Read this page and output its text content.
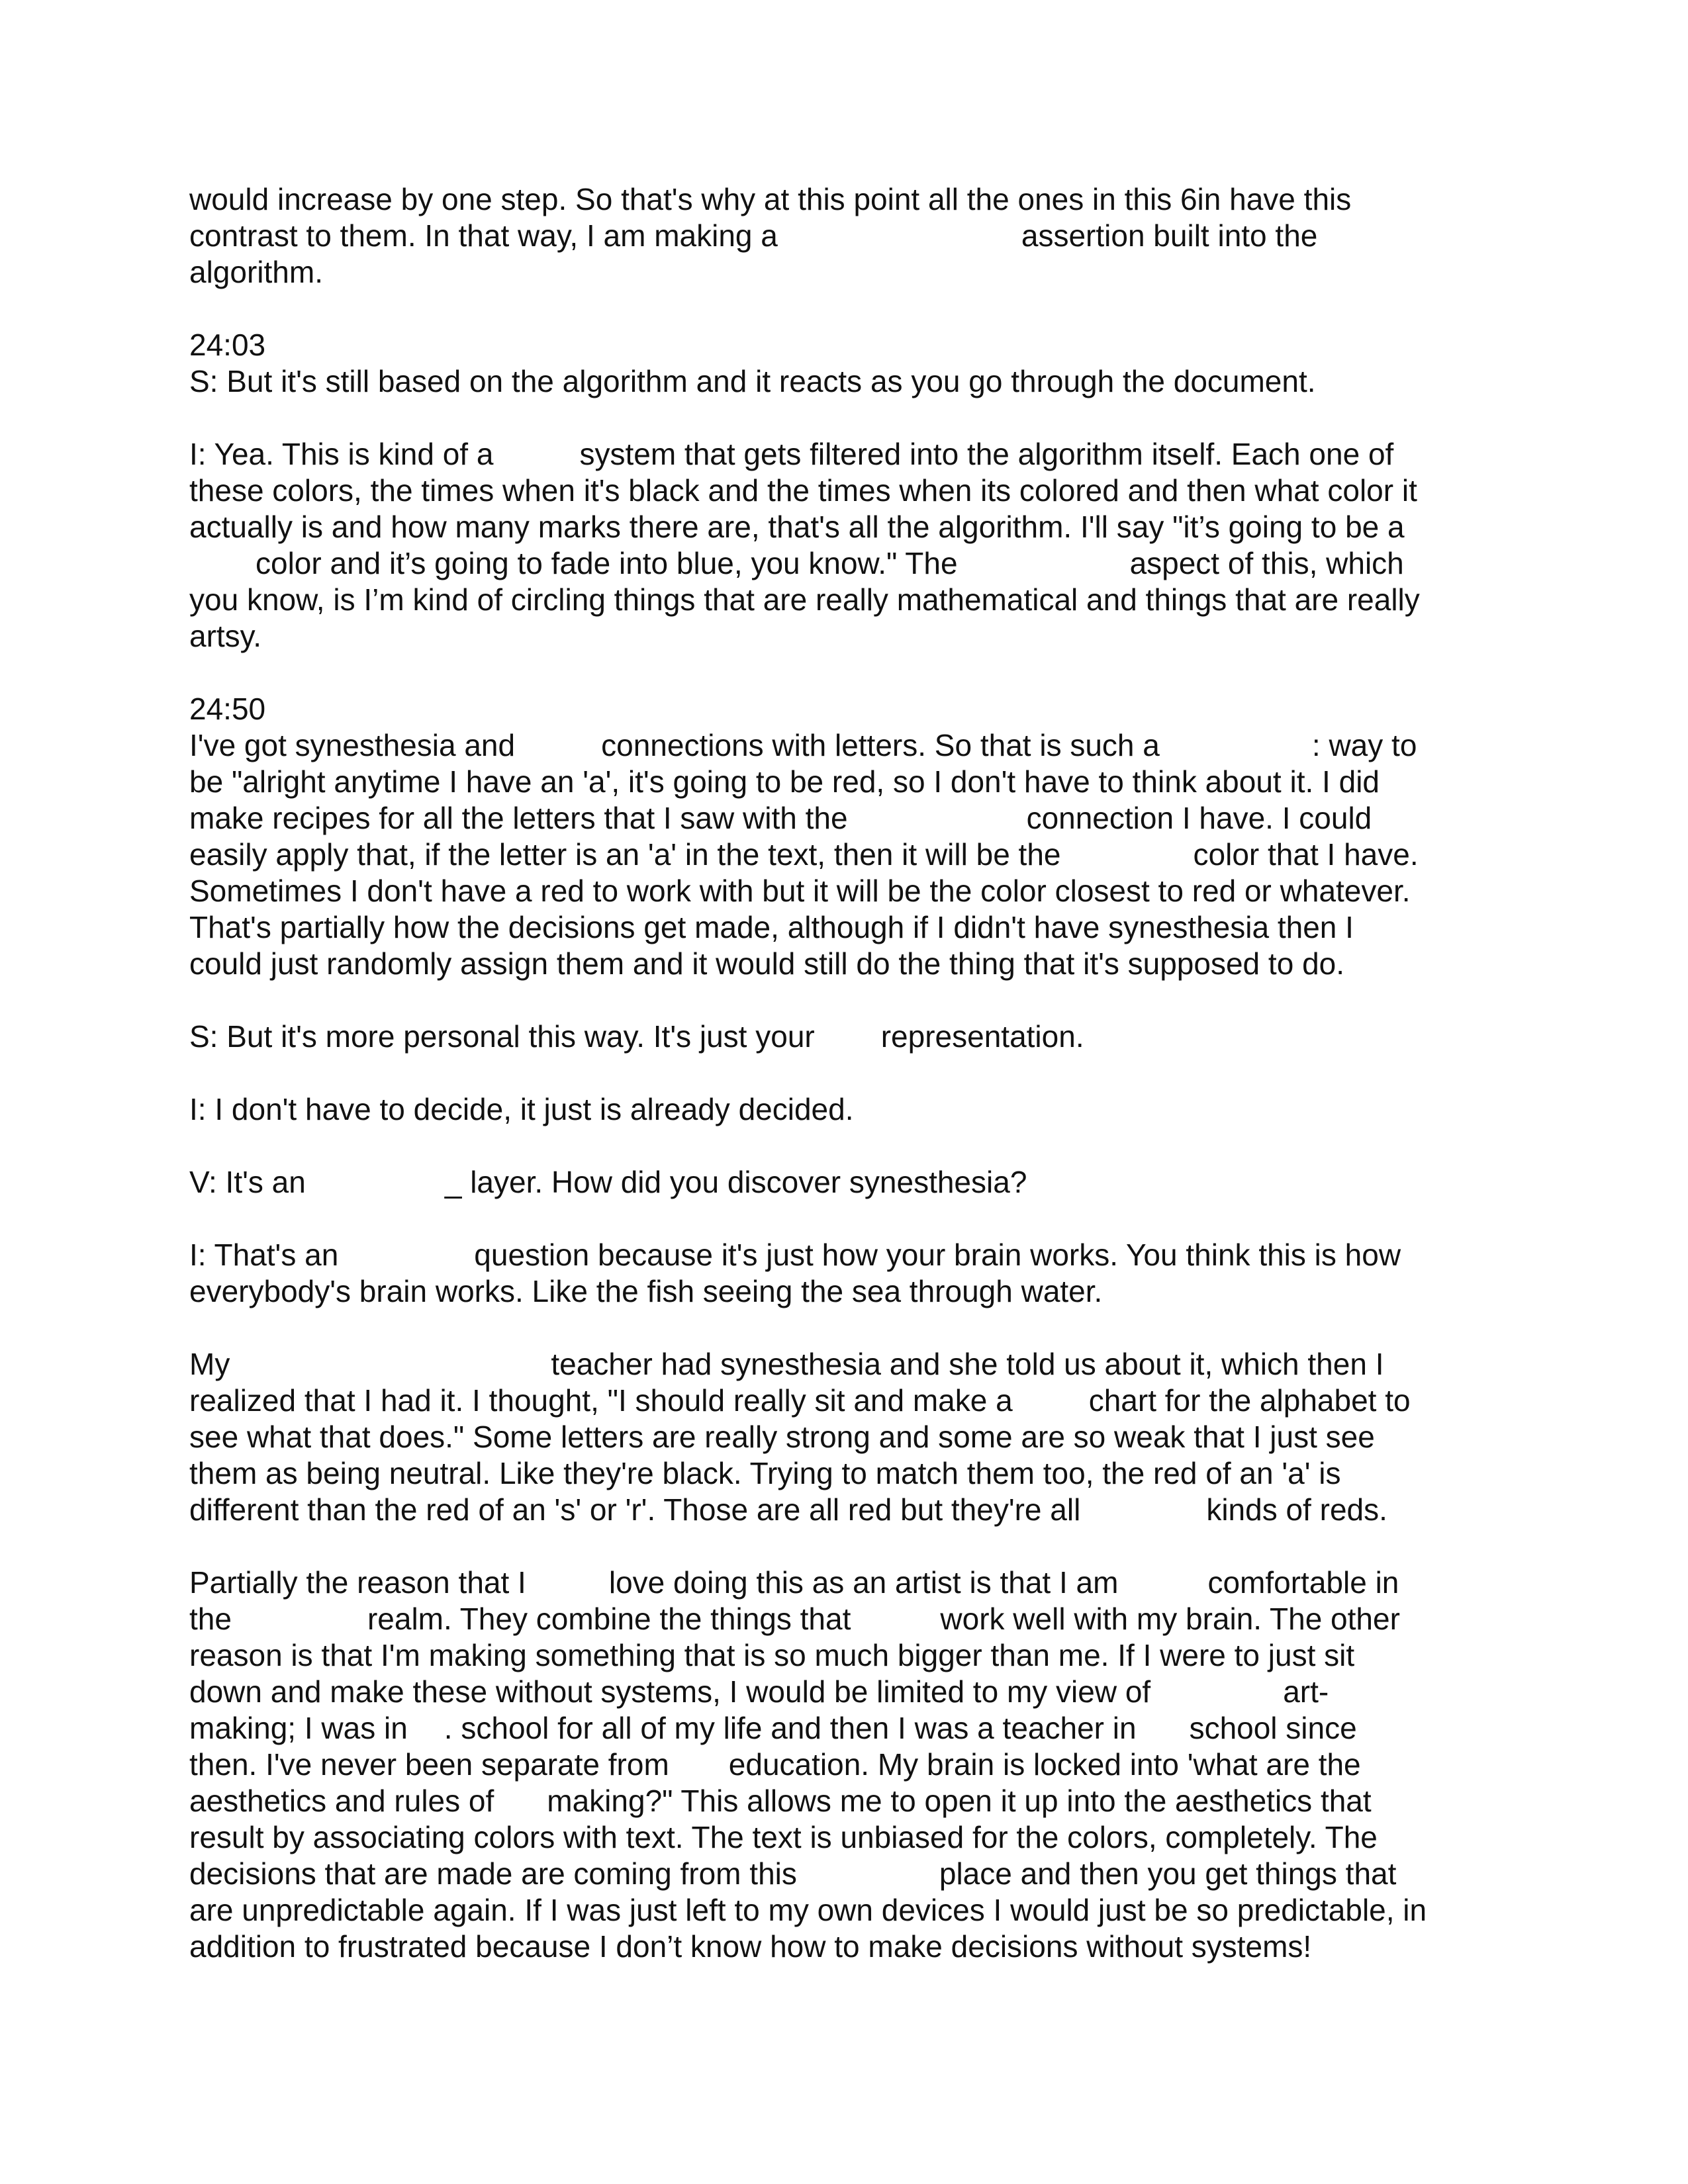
would increase by one step. So that's why at this point all the ones in this 6in have this
contrast to them. In that way, I am making a	assertion built into the
algorithm.

24:03
S: But it's still based on the algorithm and it reacts as you go through the document.

I: Yea. This is kind of a	system that gets filtered into the algorithm itself. Each one of
these colors, the times when it's black and the times when its colored and then what color it
actually is and how many marks there are, that's all the algorithm. I'll say "it’s going to be a
color and it’s going to fade into blue, you know." The	aspect of this, which
you know, is I’m kind of circling things that are really mathematical and things that are really
artsy.

24:50
I've got synesthesia and	connections with letters. So that is such a	: way to
be "alright anytime I have an 'a', it's going to be red, so I don't have to think about it. I did
make recipes for all the letters that I saw with the	connection I have. I could
easily apply that, if the letter is an 'a' in the text, then it will be the	color that I have.
Sometimes I don't have a red to work with but it will be the color closest to red or whatever.
That's partially how the decisions get made, although if I didn't have synesthesia then I
could just randomly assign them and it would still do the thing that it's supposed to do.

S: But it's more personal this way. It's just your representation.

I: I don't have to decide, it just is already decided.

V: It's an	_ layer. How did you discover synesthesia?

I: That's an	question because it's just how your brain works. You think this is how
everybody's brain works. Like the fish seeing the sea through water.

My	teacher had synesthesia and she told us about it, which then I
realized that I had it. I thought, "I should really sit and make a	chart for the alphabet to
see what that does." Some letters are really strong and some are so weak that I just see
them as being neutral. Like they're black. Trying to match them too, the red of an 'a' is
different than the red of an 's' or 'r'. Those are all red but they're all	kinds of reds.

Partially the reason that I	love doing this as an artist is that I am	comfortable in
the	realm. They combine the things that	work well with my brain. The other
reason is that I'm making something that is so much bigger than me. If I were to just sit
down and make these without systems, I would be limited to my view of	art-
making; I was in . school for all of my life and then I was a teacher in school since
then. I've never been separate from education. My brain is locked into 'what are the
aesthetics and rules of making?" This allows me to open it up into the aesthetics that
result by associating colors with text. The text is unbiased for the colors, completely. The
decisions that are made are coming from this	place and then you get things that
are unpredictable again. If I was just left to my own devices I would just be so predictable, in
addition to frustrated because I don’t know how to make decisions without systems!
